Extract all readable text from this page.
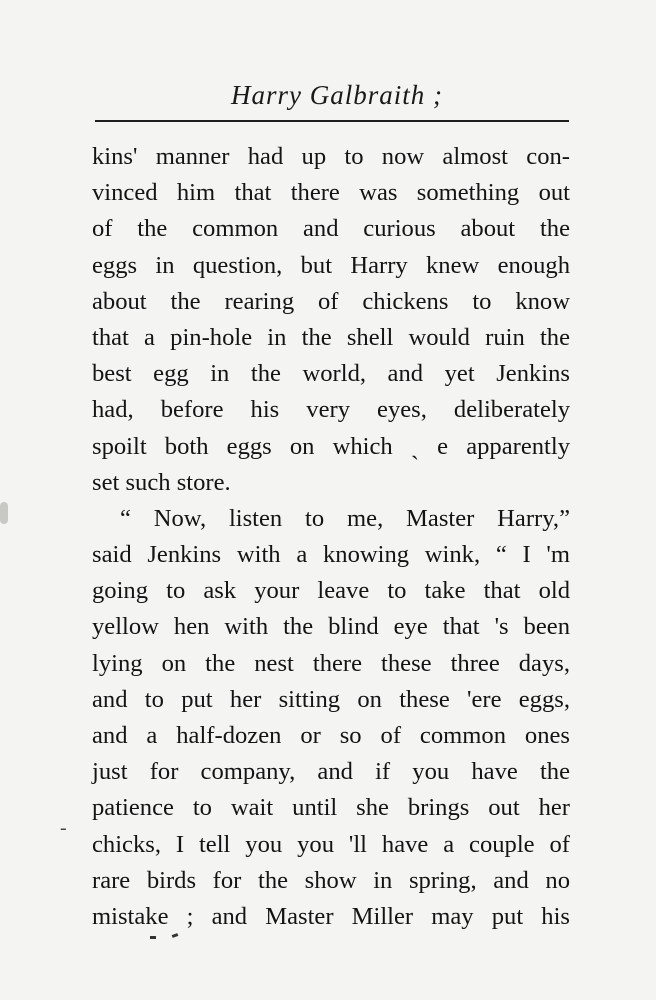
Harry Galbraith ;
kins' manner had up to now almost con-
vinced him that there was something out
of the common and curious about the
eggs in question, but Harry knew enough
about the rearing of chickens to know
that a pin-hole in the shell would ruin the
best egg in the world, and yet Jenkins
had, before his very eyes, deliberately
spoilt both eggs on which ˎ e apparently
set such store.
“ Now, listen to me, Master Harry,”
said Jenkins with a knowing wink, “ I 'm
going to ask your leave to take that old
yellow hen with the blind eye that 's been
lying on the nest there these three days,
and to put her sitting on these 'ere eggs,
and a half-dozen or so of common ones
just for company, and if you have the
patience to wait until she brings out her
chicks, I tell you you 'll have a couple of
rare birds for the show in spring, and no
mistake ; and Master Miller may put his
-
